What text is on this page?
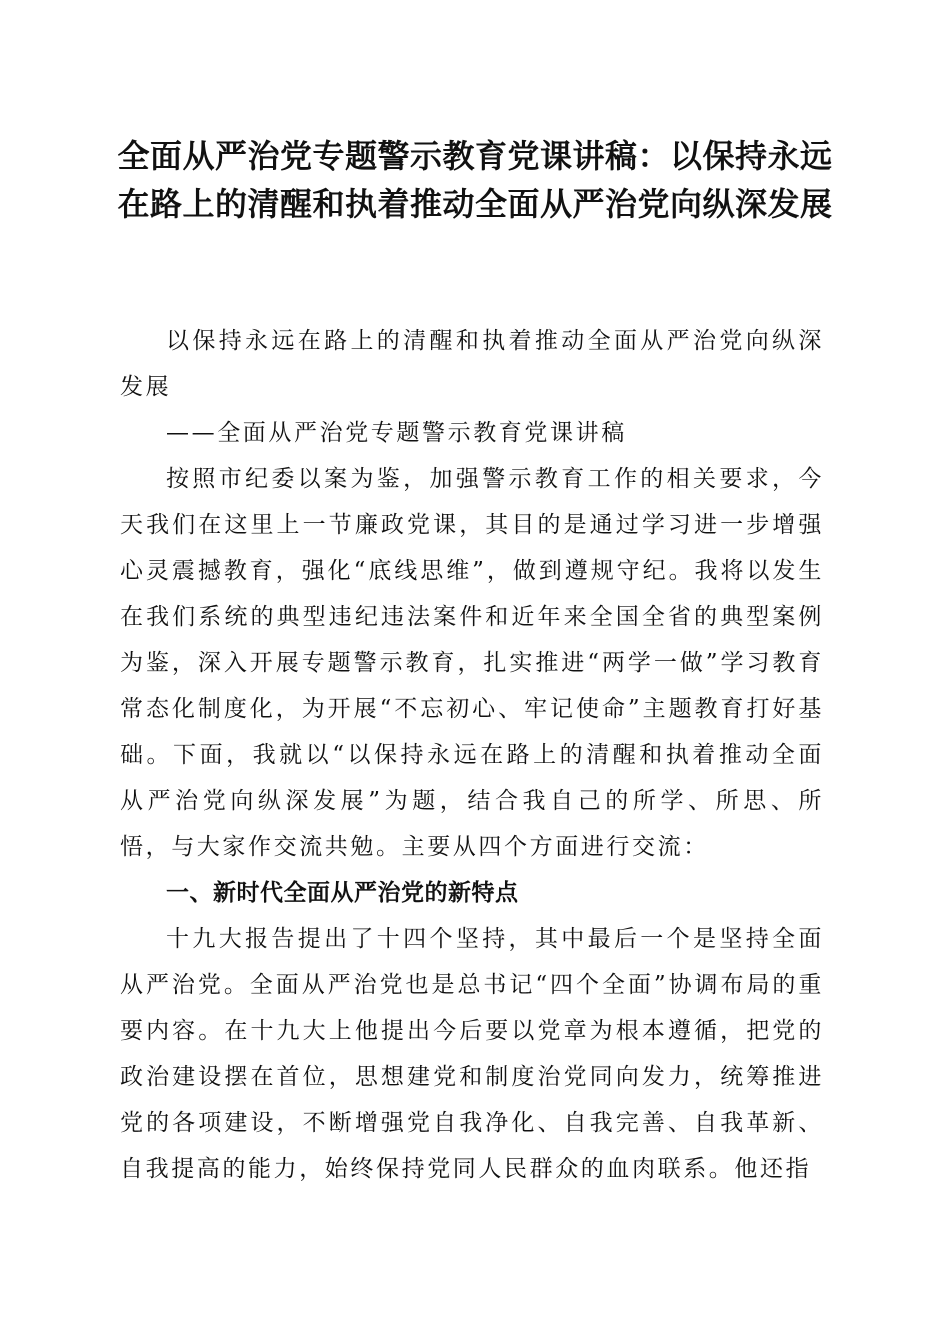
全面从严治党专题警示教育党课讲稿：以保持永远在路上的清醒和执着推动全面从严治党向纵深发展

以保持永远在路上的清醒和执着推动全面从严治党向纵深发展

——全面从严治党专题警示教育党课讲稿

按照市纪委以案为鉴，加强警示教育工作的相关要求，今天我们在这里上一节廉政党课，其目的是通过学习进一步增强心灵震撼教育，强化“底线思维”，做到遵规守纪。我将以发生在我们系统的典型违纪违法案件和近年来全国全省的典型案例为鉴，深入开展专题警示教育，扎实推进“两学一做”学习教育常态化制度化，为开展“不忘初心、牢记使命”主题教育打好基础。下面，我就以“以保持永远在路上的清醒和执着推动全面从严治党向纵深发展”为题，结合我自己的所学、所思、所悟，与大家作交流共勉。主要从四个方面进行交流：

一、新时代全面从严治党的新特点

十九大报告提出了十四个坚持，其中最后一个是坚持全面从严治党。全面从严治党也是总书记“四个全面”协调布局的重要内容。在十九大上他提出今后要以党章为根本遵循，把党的政治建设摆在首位，思想建党和制度治党同向发力，统筹推进党的各项建设，不断增强党自我净化、自我完善、自我革新、自我提高的能力，始终保持党同人民群众的血肉联系。他还指
